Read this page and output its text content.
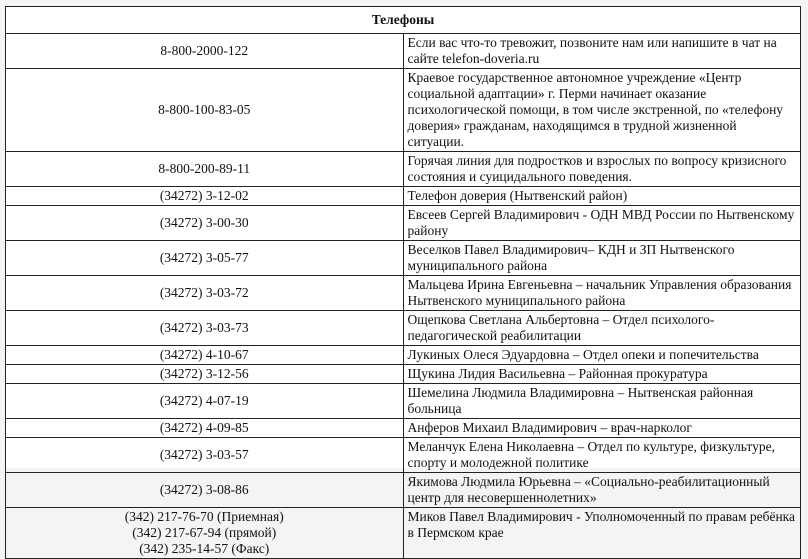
Телефоны	

8-800-2000-122	Если вас что-то тревожит, позвоните нам или напишите в чат на сайте telefon-doveria.ru

8-800-100-83-05	Краевое государственное автономное учреждение «Центр социальной адаптации» г. Перми начинает оказание психологической помощи, в том числе экстренной, по «телефону доверия» гражданам, находящимся в трудной жизненной ситуации.

8-800-200-89-11	Горячая линия для подростков и взрослых по вопросу кризисного состояния и суицидального поведения.

(34272) 3-12-02	Телефон доверия (Нытвенский район)

(34272) 3-00-30	Евсеев Сергей Владимирович - ОДН МВД России по Нытвенскому району

(34272) 3-05-77	Веселков Павел Владимирович– КДН и ЗП Нытвенского муниципального района

(34272) 3-03-72	Мальцева Ирина Евгеньевна – начальник Управления образования Нытвенского муниципального района

(34272) 3-03-73	Ощепкова Светлана Альбертовна – Отдел психолого-педагогической реабилитации

(34272) 4-10-67	Лукиных Олеся Эдуардовна – Отдел опеки и попечительства

(34272) 3-12-56	Щукина Лидия Васильевна – Районная прокуратура

(34272) 4-07-19	Шемелина Людмила Владимировна – Нытвенская районная больница

(34272) 4-09-85	Анферов Михаил Владимирович – врач-нарколог

(34272) 3-03-57	Меланчук Елена Николаевна – Отдел по культуре, физкультуре, спорту и молодежной политике

(34272) 3-08-86	Якимова Людмила Юрьевна – «Социально-реабилитационный центр для несовершеннолетних»

(342) 217-76-70 (Приемная)
(342) 217-67-94 (прямой)
(342) 235-14-57 (Факс)	Миков Павел Владимирович - Уполномоченный по правам ребёнка в Пермском крае
